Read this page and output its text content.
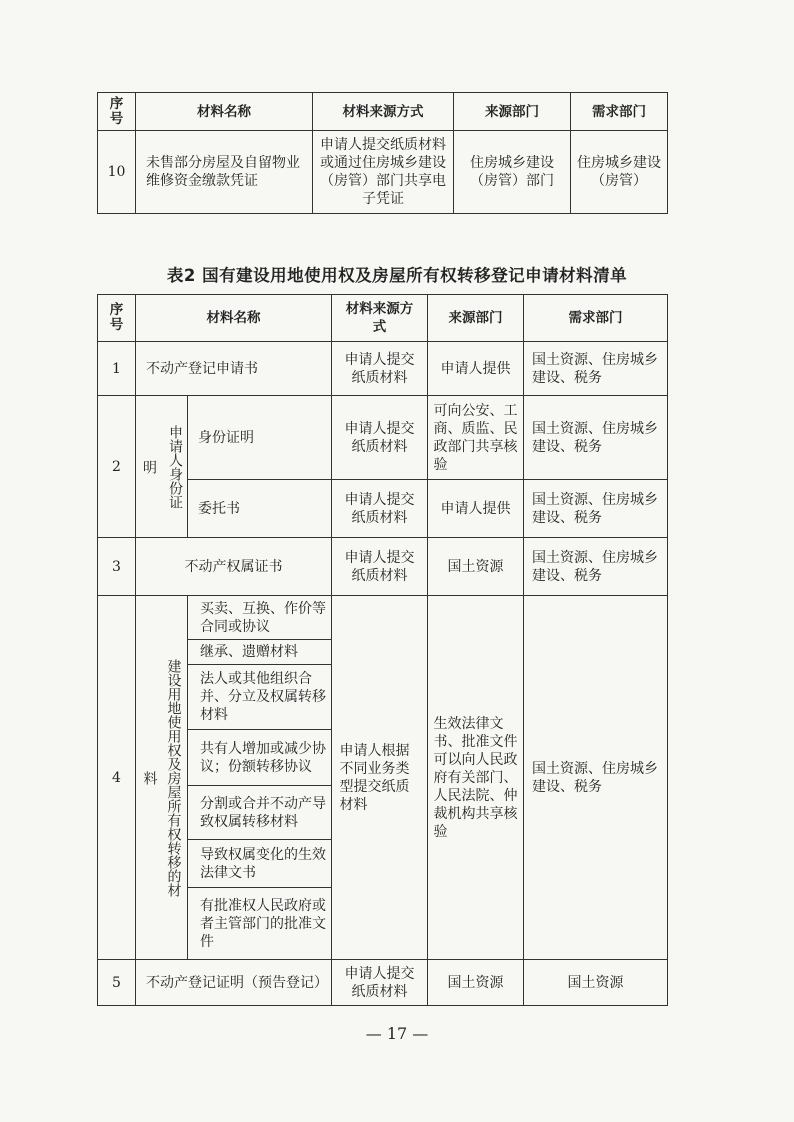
序号	材料名称	材料来源方式	来源部门	需求部门
10	未售部分房屋及自留物业维修资金缴款凭证	申请人提交纸质材料或通过住房城乡建设（房管）部门共享电子凭证	住房城乡建设（房管）部门	住房城乡建设（房管）
表2 国有建设用地使用权及房屋所有权转移登记申请材料清单
序号	材料名称		材料来源方式	来源部门	需求部门
1	不动产登记申请书		申请人提交纸质材料	申请人提供	国土资源、住房城乡建设、税务

2	申请人身份证明	身份证明	申请人提交纸质材料	可向公安、工商、质监、民政部门共享核验	国土资源、住房城乡建设、税务

		委托书	申请人提交纸质材料	申请人提供	国土资源、住房城乡建设、税务

3	不动产权属证书		申请人提交纸质材料	国土资源	国土资源、住房城乡建设、税务

4	建设用地使用权及房屋所有权转移的材料	买卖、互换、作价等合同或协议	申请人根据不同业务类型提交纸质材料	生效法律文书、批准文件可以向人民政府有关部门、人民法院、仲裁机构共享核验	国土资源、住房城乡建设、税务

		继承、遗赠材料			

		法人或其他组织合并、分立及权属转移材料			

		共有人增加或减少协议；份额转移协议			

		分割或合并不动产导致权属转移材料			

		导致权属变化的生效法律文书			

		有批准权人民政府或者主管部门的批准文件			

5	不动产登记证明（预告登记）		申请人提交纸质材料	国土资源	国土资源
— 17 —
